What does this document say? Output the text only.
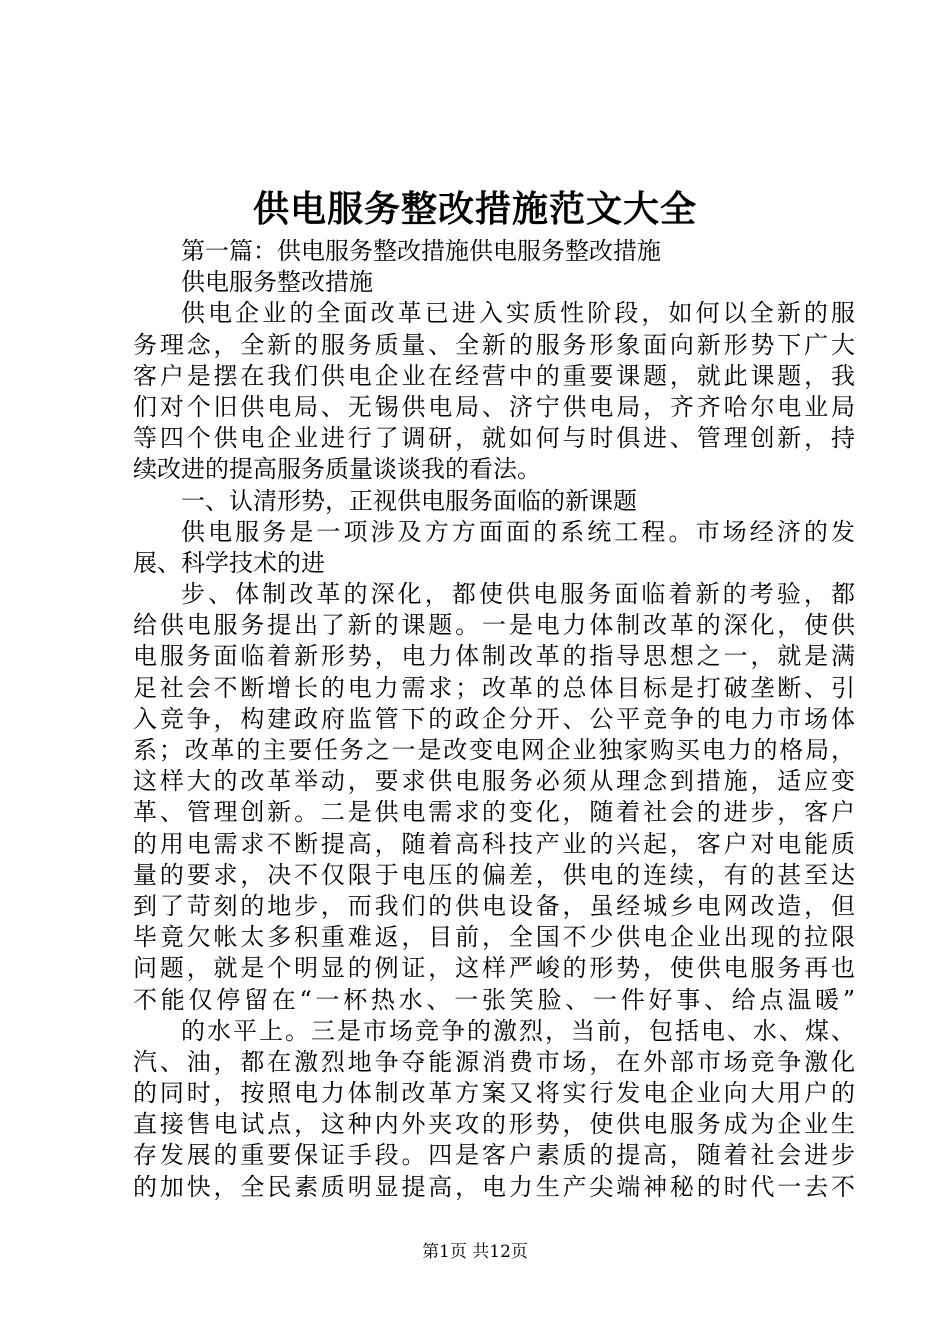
供电服务整改措施范文大全
第一篇：供电服务整改措施供电服务整改措施
供电服务整改措施
供电企业的全面改革已进入实质性阶段，如何以全新的服
务理念，全新的服务质量、全新的服务形象面向新形势下广大
客户是摆在我们供电企业在经营中的重要课题，就此课题，我
们对个旧供电局、无锡供电局、济宁供电局，齐齐哈尔电业局
等四个供电企业进行了调研，就如何与时俱进、管理创新，持
续改进的提高服务质量谈谈我的看法。
一、认清形势，正视供电服务面临的新课题
供电服务是一项涉及方方面面的系统工程。市场经济的发
展、科学技术的进
步、体制改革的深化，都使供电服务面临着新的考验，都
给供电服务提出了新的课题。一是电力体制改革的深化，使供
电服务面临着新形势，电力体制改革的指导思想之一，就是满
足社会不断增长的电力需求；改革的总体目标是打破垄断、引
入竞争，构建政府监管下的政企分开、公平竞争的电力市场体
系；改革的主要任务之一是改变电网企业独家购买电力的格局，
这样大的改革举动，要求供电服务必须从理念到措施，适应变
革、管理创新。二是供电需求的变化，随着社会的进步，客户
的用电需求不断提高，随着高科技产业的兴起，客户对电能质
量的要求，决不仅限于电压的偏差，供电的连续，有的甚至达
到了苛刻的地步，而我们的供电设备，虽经城乡电网改造，但
毕竟欠帐太多积重难返，目前，全国不少供电企业出现的拉限
问题，就是个明显的例证，这样严峻的形势，使供电服务再也
不能仅停留在“一杯热水、一张笑脸、一件好事、给点温暖”
的水平上。三是市场竞争的激烈，当前，包括电、水、煤、
汽、油，都在激烈地争夺能源消费市场，在外部市场竞争激化
的同时，按照电力体制改革方案又将实行发电企业向大用户的
直接售电试点，这种内外夹攻的形势，使供电服务成为企业生
存发展的重要保证手段。四是客户素质的提高，随着社会进步
的加快，全民素质明显提高，电力生产尖端神秘的时代一去不
第1页 共12页
